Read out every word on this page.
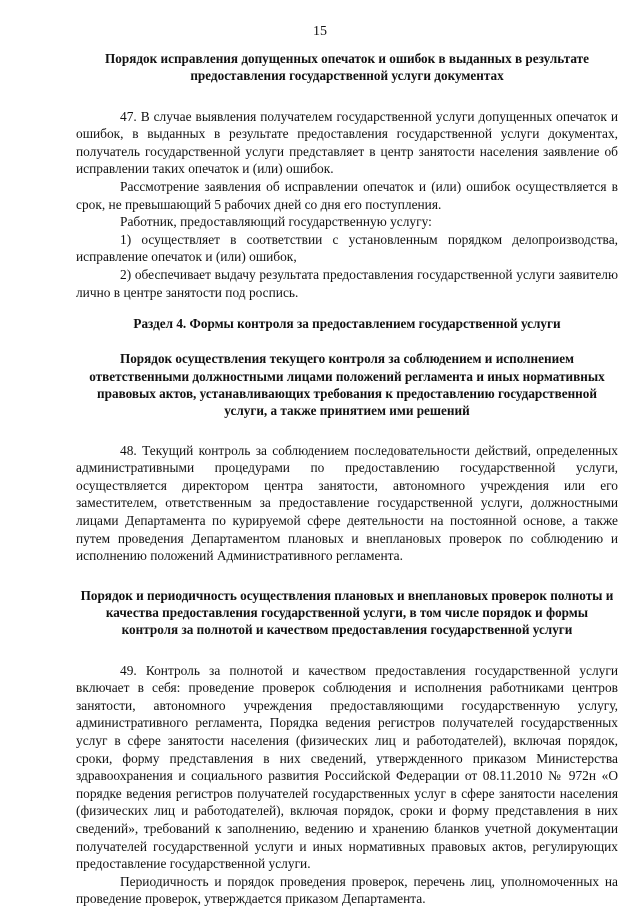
15

Порядок исправления допущенных опечаток и ошибок в выданных в результате предоставления государственной услуги документах

47. В случае выявления получателем государственной услуги допущенных опечаток и ошибок, в выданных в результате предоставления государственной услуги документах, получатель государственной услуги представляет в центр занятости населения заявление об исправлении таких опечаток и (или) ошибок.

Рассмотрение заявления об исправлении опечаток и (или) ошибок осуществляется в срок, не превышающий 5 рабочих дней со дня его поступления.

Работник, предоставляющий государственную услугу:

1) осуществляет в соответствии с установленным порядком делопроизводства, исправление опечаток и (или) ошибок,

2) обеспечивает выдачу результата предоставления государственной услуги заявителю лично в центре занятости под роспись.

Раздел 4. Формы контроля за предоставлением государственной услуги

Порядок осуществления текущего контроля за соблюдением и исполнением ответственными должностными лицами положений регламента и иных нормативных правовых актов, устанавливающих требования к предоставлению государственной услуги, а также принятием ими решений

48. Текущий контроль за соблюдением последовательности действий, определенных административными процедурами по предоставлению государственной услуги, осуществляется директором центра занятости, автономного учреждения или его заместителем, ответственным за предоставление государственной услуги, должностными лицами Департамента по курируемой сфере деятельности на постоянной основе, а также путем проведения Департаментом плановых и внеплановых проверок по соблюдению и исполнению положений Административного регламента.

Порядок и периодичность осуществления плановых и внеплановых проверок полноты и качества предоставления государственной услуги, в том числе порядок и формы контроля за полнотой и качеством предоставления государственной услуги

49. Контроль за полнотой и качеством предоставления государственной услуги включает в себя: проведение проверок соблюдения и исполнения работниками центров занятости, автономного учреждения предоставляющими государственную услугу, административного регламента, Порядка ведения регистров получателей государственных услуг в сфере занятости населения (физических лиц и работодателей), включая порядок, сроки, форму представления в них сведений, утвержденного приказом Министерства здравоохранения и социального развития Российской Федерации от 08.11.2010 № 972н «О порядке ведения регистров получателей государственных услуг в сфере занятости населения (физических лиц и работодателей), включая порядок, сроки и форму представления в них сведений», требований к заполнению, ведению и хранению бланков учетной документации получателей государственной услуги и иных нормативных правовых актов, регулирующих предоставление государственной услуги.

Периодичность и порядок проведения проверок, перечень лиц, уполномоченных на проведение проверок, утверждается приказом Департамента.
